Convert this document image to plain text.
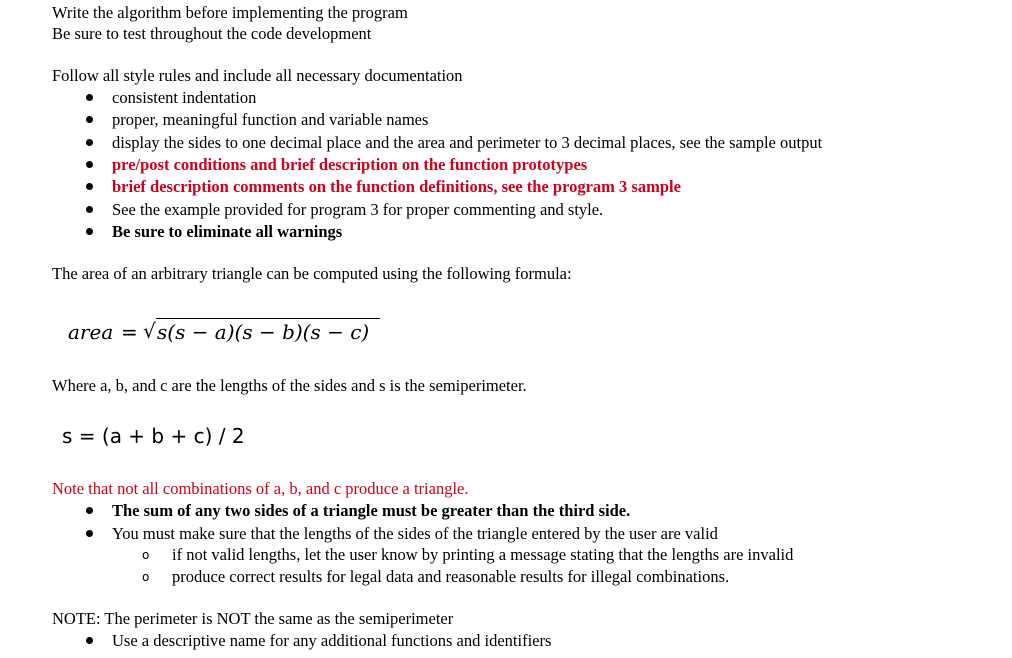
Write the algorithm before implementing the program
Be sure to test throughout the code development
Follow all style rules and include all necessary documentation
consistent indentation
proper, meaningful function and variable names
display the sides to one decimal place and the area and perimeter to 3 decimal places, see the sample output
pre/post conditions and brief description on the function prototypes
brief description comments on the function definitions, see the program 3 sample
See the example provided for program 3 for proper commenting and style.
Be sure to eliminate all warnings
The area of an arbitrary triangle can be computed using the following formula:
area = √ s(s − a)(s − b)(s − c)
Where a, b, and c are the lengths of the sides and s is the semiperimeter.
s = (a + b + c) / 2
Note that not all combinations of a, b, and c produce a triangle.
The sum of any two sides of a triangle must be greater than the third side.
You must make sure that the lengths of the sides of the triangle entered by the user are valid
o if not valid lengths, let the user know by printing a message stating that the lengths are invalid
o produce correct results for legal data and reasonable results for illegal combinations.
NOTE: The perimeter is NOT the same as the semiperimeter
Use a descriptive name for any additional functions and identifiers
